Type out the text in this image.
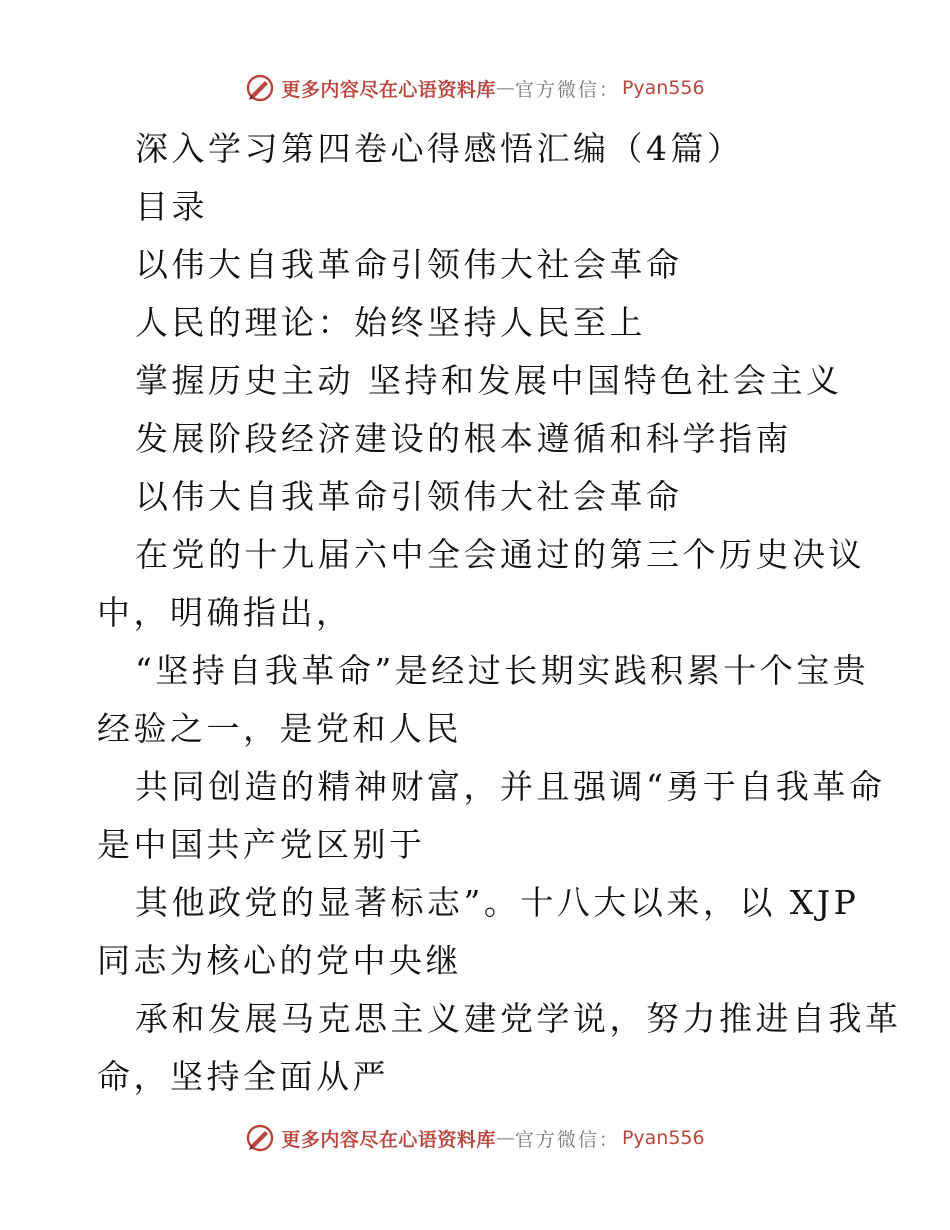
更多内容尽在心语资料库 — 官方微信： Pyan556
深入学习第四卷心得感悟汇编（4篇）
目录
以伟大自我革命引领伟大社会革命
人民的理论：始终坚持人民至上
掌握历史主动 坚持和发展中国特色社会主义
发展阶段经济建设的根本遵循和科学指南
以伟大自我革命引领伟大社会革命
在党的十九届六中全会通过的第三个历史决议
中，明确指出，
“坚持自我革命”是经过长期实践积累十个宝贵
经验之一，是党和人民
共同创造的精神财富，并且强调“勇于自我革命
是中国共产党区别于
其他政党的显著标志”。十八大以来，以 XJP
同志为核心的党中央继
承和发展马克思主义建党学说，努力推进自我革
命，坚持全面从严
更多内容尽在心语资料库 — 官方微信： Pyan556
